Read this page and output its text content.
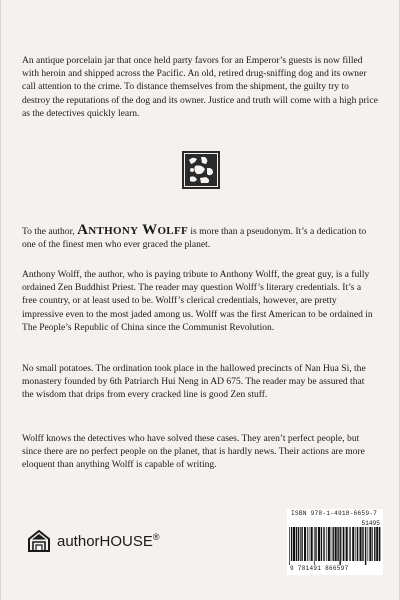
An antique porcelain jar that once held party favors for an Emperor’s guests is now filled with heroin and shipped across the Pacific. An old, retired drug-sniffing dog and its owner call attention to the crime. To distance themselves from the shipment, the guilty try to destroy the reputations of the dog and its owner. Justice and truth will come with a high price as the detectives quickly learn.

To the author, Anthony Wolff is more than a pseudonym. It’s a dedication to one of the finest men who ever graced the planet.

Anthony Wolff, the author, who is paying tribute to Anthony Wolff, the great guy, is a fully ordained Zen Buddhist Priest. The reader may question Wolff’s literary credentials. It’s a free country, or at least used to be. Wolff’s clerical credentials, however, are pretty impressive even to the most jaded among us. Wolff was the first American to be ordained in The People’s Republic of China since the Communist Revolution.

No small potatoes. The ordination took place in the hallowed precincts of Nan Hua Si, the monastery founded by 6th Patriarch Hui Neng in AD 675. The reader may be assured that the wisdom that drips from every cracked line is good Zen stuff.

Wolff knows the detectives who have solved these cases. They aren’t perfect people, but since there are no perfect people on the planet, that is hardly news. Their actions are more eloquent than anything Wolff is capable of writing.

authorHOUSE®
ISBN 978-1-4918-6659-7
51495
9 781491 866597
